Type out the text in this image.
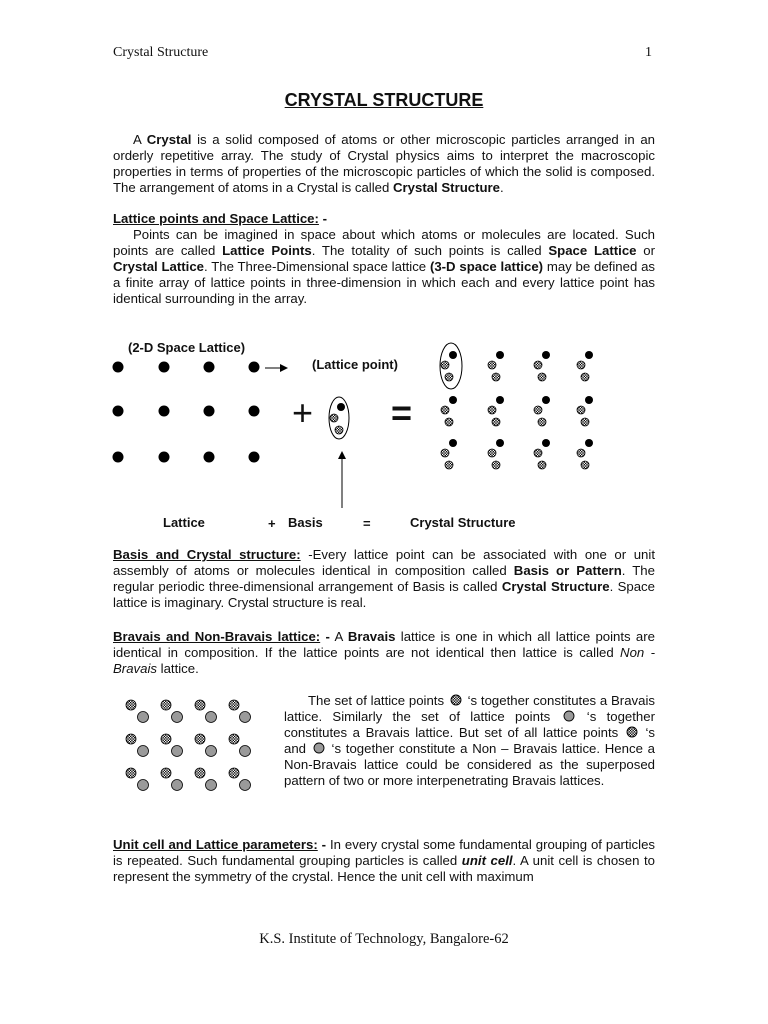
Crystal Structure	1
CRYSTAL STRUCTURE

A Crystal is a solid composed of atoms or other microscopic particles arranged in an orderly repetitive array. The study of Crystal physics aims to interpret the macroscopic properties in terms of properties of the microscopic particles of which the solid is composed. The arrangement of atoms in a Crystal is called Crystal Structure.

Lattice points and Space Lattice: -

Points can be imagined in space about which atoms or molecules are located. Such points are called Lattice Points. The totality of such points is called Space Lattice or Crystal Lattice. The Three-Dimensional space lattice (3-D space lattice) may be defined as a finite array of lattice points in three-dimension in which each and every lattice point has identical surrounding in the array.

(2-D Space Lattice)
(Lattice point)
+ =
Lattice	+ Basis	=	Crystal Structure

Basis and Crystal structure: -Every lattice point can be associated with one or unit assembly of atoms or molecules identical in composition called Basis or Pattern. The regular periodic three-dimensional arrangement of Basis is called Crystal Structure. Space lattice is imaginary. Crystal structure is real.

Bravais and Non-Bravais lattice: - A Bravais lattice is one in which all lattice points are identical in composition. If the lattice points are not identical then lattice is called Non -Bravais lattice.

The set of lattice points ‘s together constitutes a Bravais lattice. Similarly the set of lattice points	‘s together constitutes a Bravais lattice. But set of all lattice points ‘s and ‘s together constitute a Non – Bravais lattice. Hence a Non-Bravais lattice could be considered as the superposed pattern of two or more interpenetrating Bravais lattices.

Unit cell and Lattice parameters: - In every crystal some fundamental grouping of particles is repeated. Such fundamental grouping particles is called unit cell. A unit cell is chosen to represent the symmetry of the crystal. Hence the unit cell with maximum

K.S. Institute of Technology, Bangalore-62
